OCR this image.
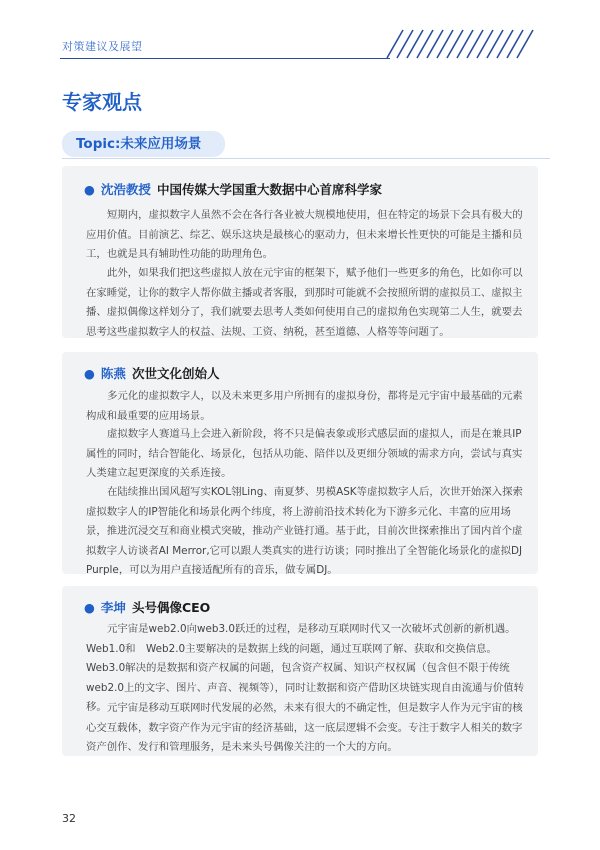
对策建议及展望
专家观点
Topic:未来应用场景
● 沈浩教授 中国传媒大学国重大数据中心首席科学家

短期内，虚拟数字人虽然不会在各行各业被大规模地使用，但在特定的场景下会具有极大的应用价值。目前演艺、综艺、娱乐这块是最核心的驱动力，但未来增长性更快的可能是主播和员工，也就是具有辅助性功能的助理角色。

此外，如果我们把这些虚拟人放在元宇宙的框架下，赋予他们一些更多的角色，比如你可以在家睡觉，让你的数字人帮你做主播或者客服，到那时可能就不会按照所谓的虚拟员工、虚拟主播、虚拟偶像这样划分了，我们就要去思考人类如何使用自己的虚拟角色实现第二人生，就要去思考这些虚拟数字人的权益、法规、工资、纳税，甚至道德、人格等等问题了。

● 陈燕 次世文化创始人

多元化的虚拟数字人，以及未来更多用户所拥有的虚拟身份，都将是元宇宙中最基础的元素构成和最重要的应用场景。

虚拟数字人赛道马上会进入新阶段，将不只是偏表象或形式感层面的虚拟人，而是在兼具IP属性的同时，结合智能化、场景化，包括从功能、陪伴以及更细分领域的需求方向，尝试与真实人类建立起更深度的关系连接。

在陆续推出国风超写实KOL翎Ling、南夏梦、男模ASK等虚拟数字人后，次世开始深入探索虚拟数字人的IP智能化和场景化两个纬度，将上游前沿技术转化为下游多元化、丰富的应用场景，推进沉浸交互和商业模式突破，推动产业链打通。基于此，目前次世探索推出了国内首个虚拟数字人访谈者AI Merror,它可以跟人类真实的进行访谈；同时推出了全智能化场景化的虚拟DJ Purple，可以为用户直接适配所有的音乐，做专属DJ。

● 李坤 头号偶像CEO

元宇宙是web2.0向web3.0跃迁的过程，是移动互联网时代又一次破坏式创新的新机遇。Web1.0和　Web2.0主要解决的是数据上线的问题，通过互联网了解、获取和交换信息。Web3.0解决的是数据和资产权属的问题，包含资产权属、知识产权权属（包含但不限于传统web2.0上的文字、图片、声音、视频等），同时让数据和资产借助区块链实现自由流通与价值转移。 元宇宙是移动互联网时代发展的必然，未来有很大的不确定性，但是数字人作为元宇宙的核心交互载体，数字资产作为元宇宙的经济基础，这一底层逻辑不会变。专注于数字人相关的数字资产创作、发行和管理服务，是未来头号偶像关注的一个大的方向。

32
